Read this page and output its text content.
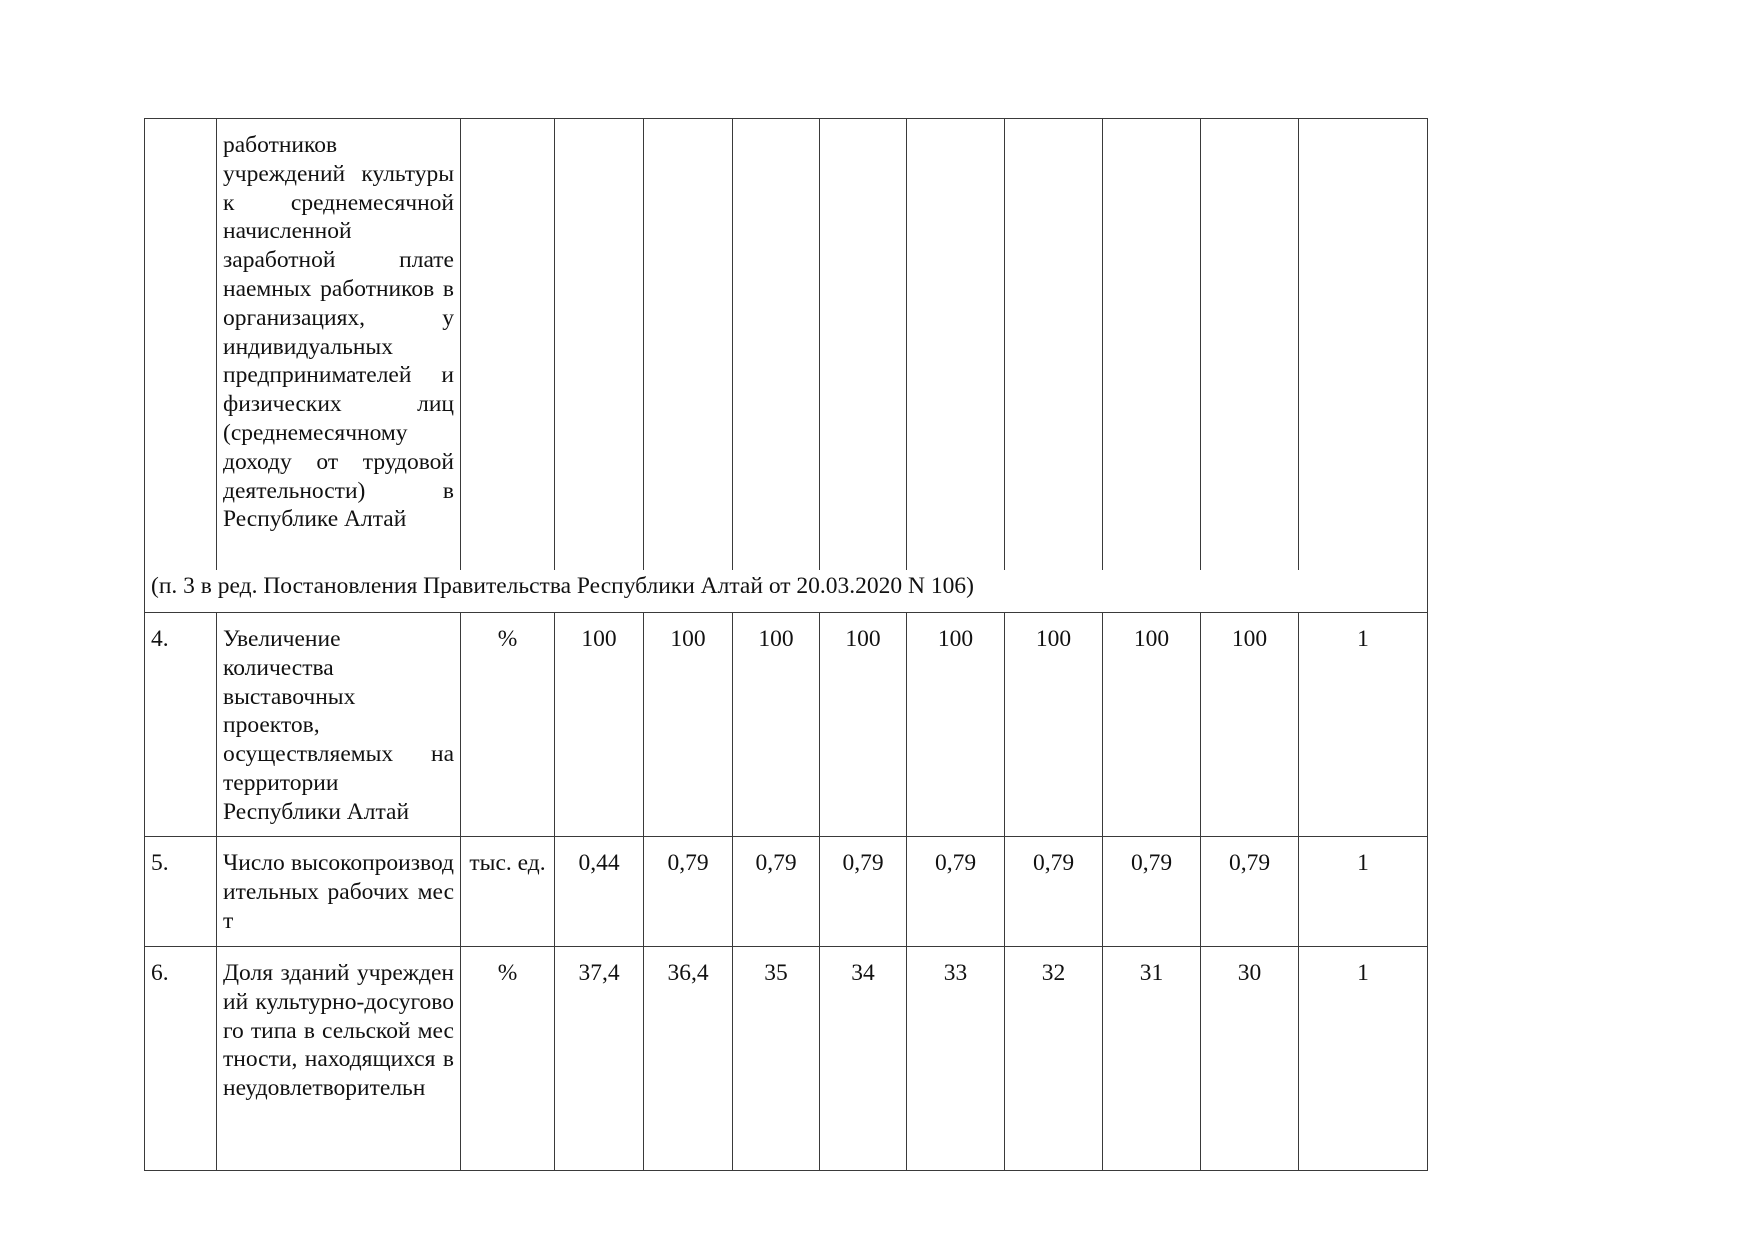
	работников учреждений культуры к среднемесячной начисленной заработной плате наемных работников в организациях, у индивидуальных предпринимателей и физических лиц (среднемесячному доходу от трудовой деятельности) в Республике Алтай										

(п. 3 в ред. Постановления Правительства Республики Алтай от 20.03.2020 N 106)											
4.	Увеличение количества выставочных проектов, осуществляемых на территории Республики Алтай	%	100	100	100	100	100	100	100	100	1
5.	Число высокопроизводительных рабочих мест	тыс. ед.	0,44	0,79	0,79	0,79	0,79	0,79	0,79	0,79	1
6.	Доля зданий учреждений культурно-досугового типа в сельской местности, находящихся в неудовлетворительн	%	37,4	36,4	35	34	33	32	31	30	1
